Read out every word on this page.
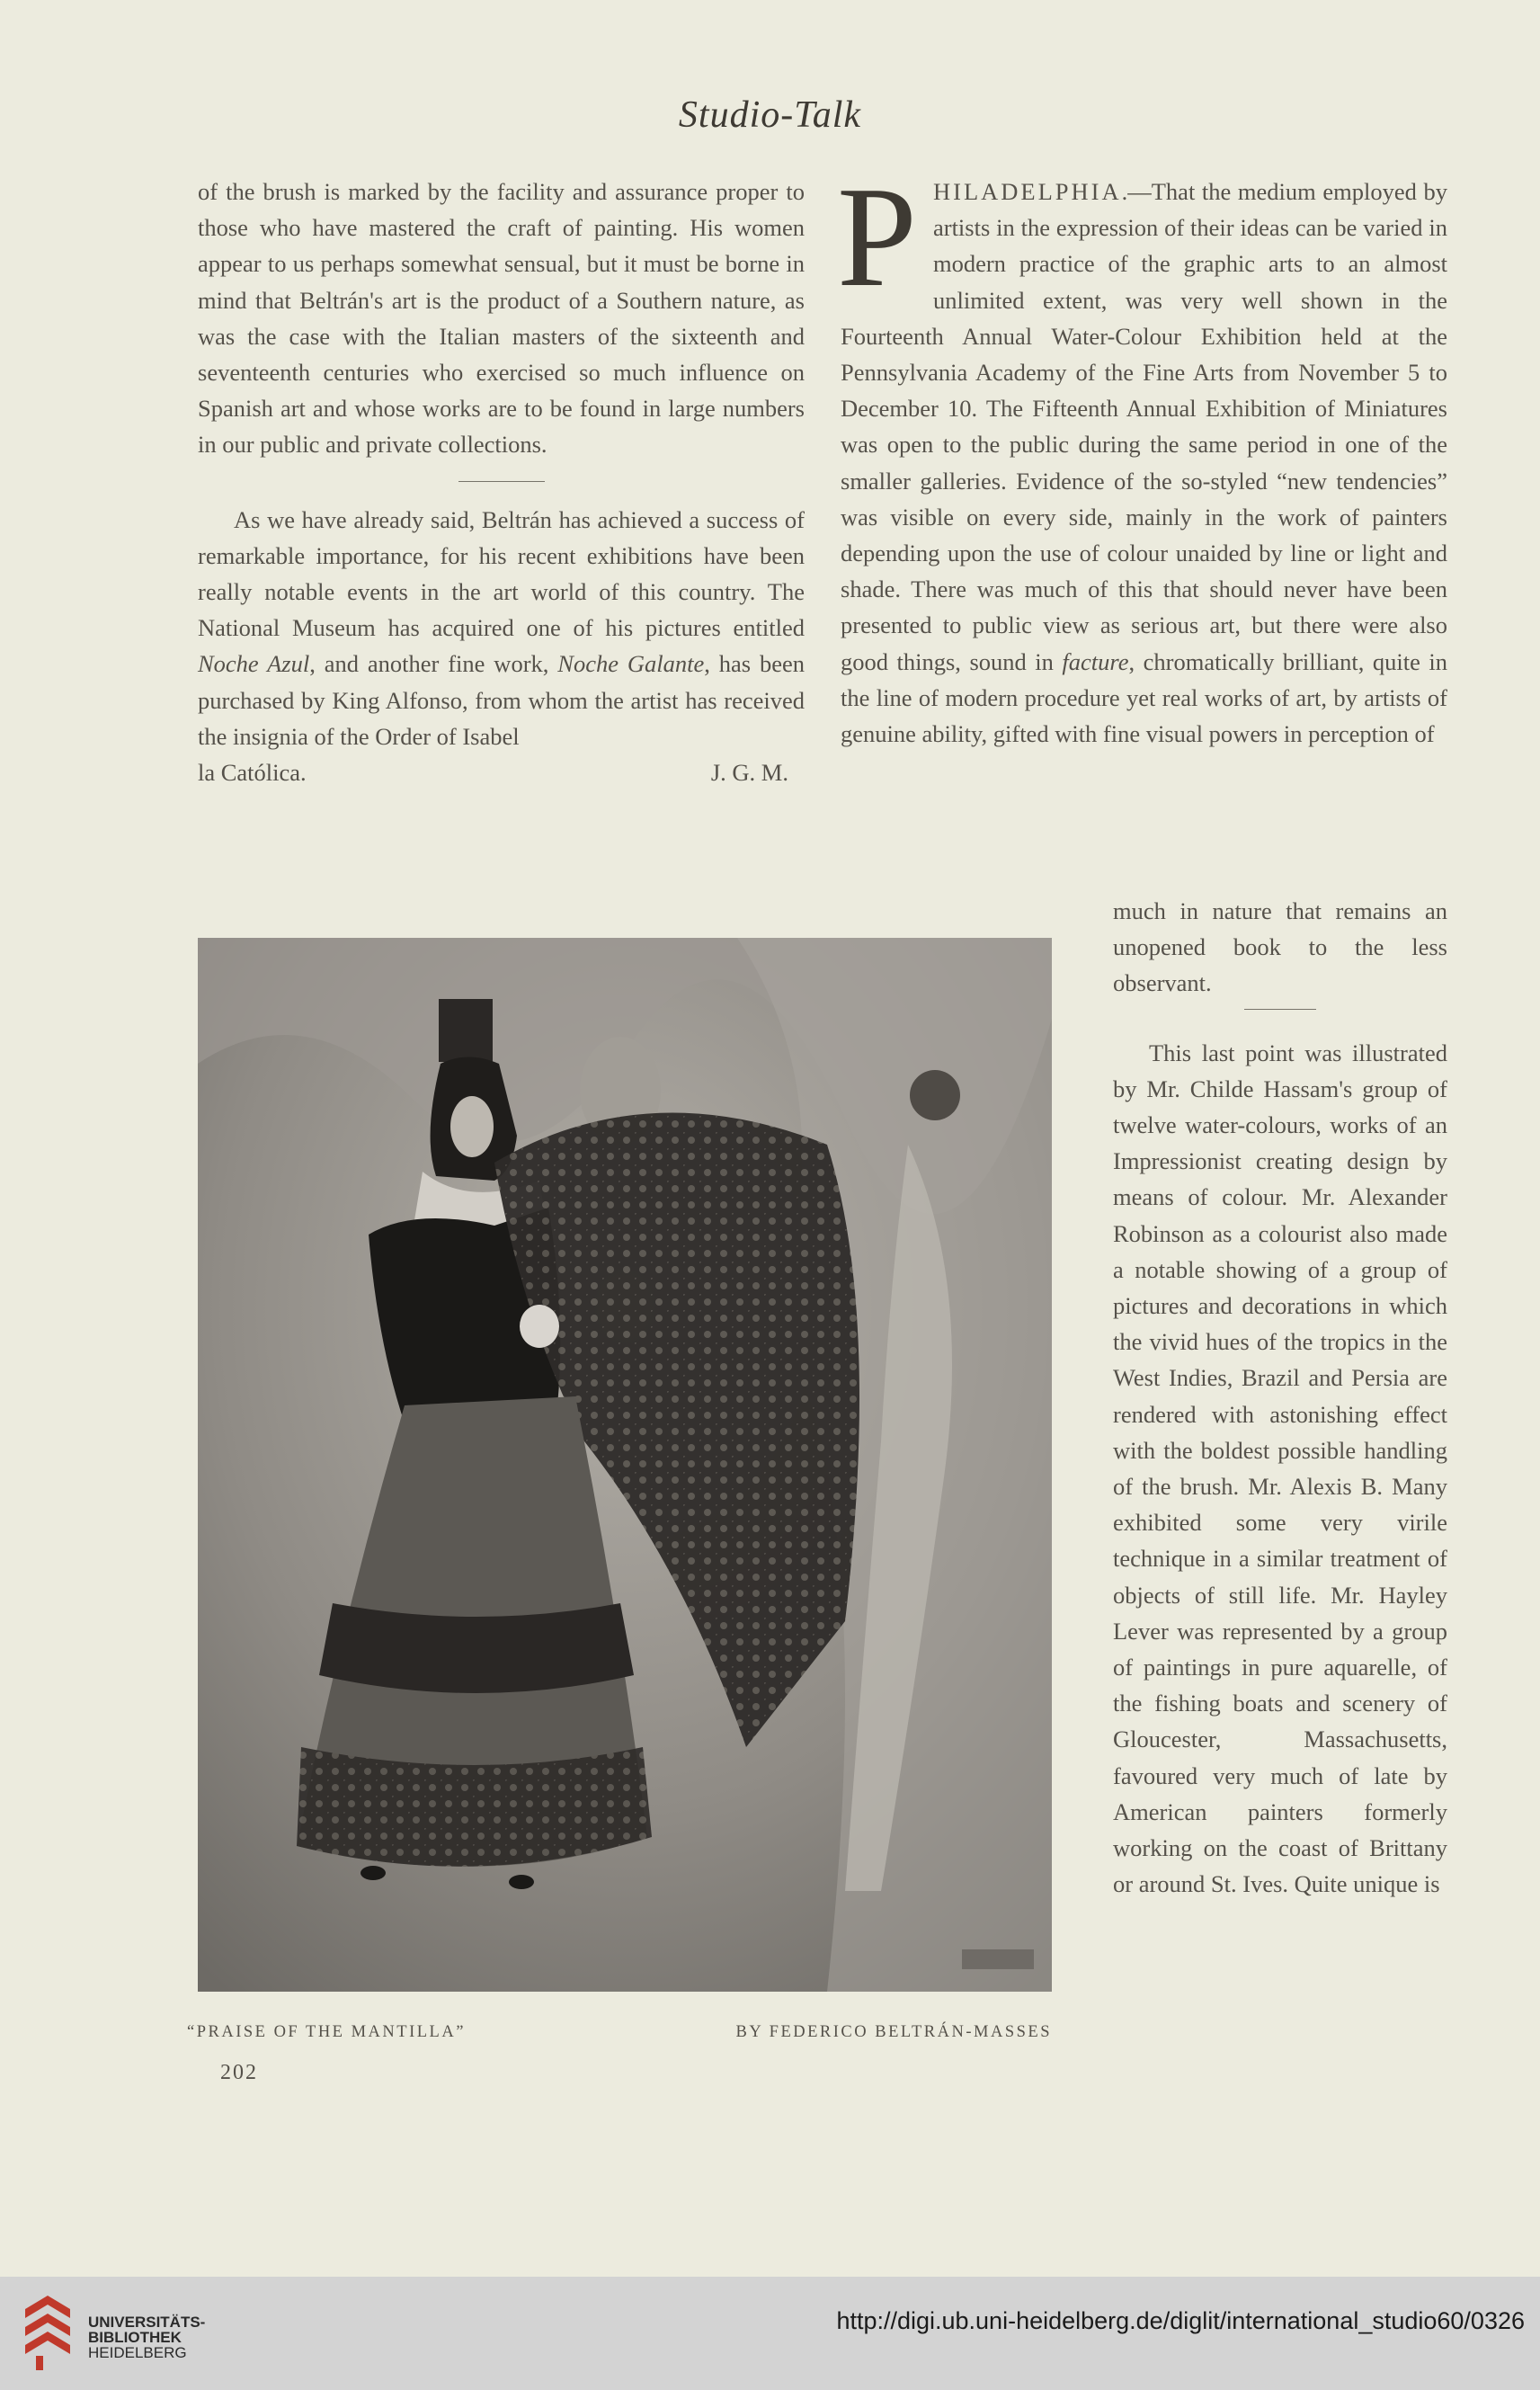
Studio-Talk

of the brush is marked by the facility and assurance proper to those who have mastered the craft of painting. His women appear to us perhaps somewhat sensual, but it must be borne in mind that Beltrán's art is the product of a Southern nature, as was the case with the Italian masters of the sixteenth and seventeenth centuries who exercised so much influence on Spanish art and whose works are to be found in large numbers in our public and private collections.

As we have already said, Beltrán has achieved a success of remarkable importance, for his recent exhibitions have been really notable events in the art world of this country. The National Museum has acquired one of his pictures entitled Noche Azul, and another fine work, Noche Galante, has been purchased by King Alfonso, from whom the artist has received the insignia of the Order of Isabel

la Católica.	J. G. M.
PHILADELPHIA.—That the medium employed by artists in the expression of their ideas can be varied in modern practice of the graphic arts to an almost unlimited extent, was very well shown in the Fourteenth Annual Water-Colour Exhibition held at the Pennsylvania Academy of the Fine Arts from November 5 to December 10. The Fifteenth Annual Exhibition of Miniatures was open to the public during the same period in one of the smaller galleries. Evidence of the so-styled “new tendencies” was visible on every side, mainly in the work of painters depending upon the use of colour unaided by line or light and shade. There was much of this that should never have been presented to public view as serious art, but there were also good things, sound in facture, chromatically brilliant, quite in the line of modern procedure yet real works of art, by artists of genuine ability, gifted with fine visual powers in perception of

much in nature that remains an unopened book to the less observant.

This last point was illustrated by Mr. Childe Hassam's group of twelve water-colours, works of an Impressionist creating design by means of colour. Mr. Alexander Robinson as a colourist also made a notable showing of a group of pictures and decorations in which the vivid hues of the tropics in the West Indies, Brazil and Persia are rendered with astonishing effect with the boldest possible handling of the brush. Mr. Alexis B. Many exhibited some very virile technique in a similar treatment of objects of still life. Mr. Hayley Lever was represented by a group of paintings in pure aquarelle, of the fishing boats and scenery of Gloucester, Massachusetts, favoured very much of late by American painters formerly working on the coast of Brittany or around St. Ives. Quite unique is

“PRAISE OF THE MANTILLA”	BY FEDERICO BELTRÁN-MASSES
202
UNIVERSITÄTS-
BIBLIOTHEK
HEIDELBERG
http://digi.ub.uni-heidelberg.de/diglit/international_studio60/0326
